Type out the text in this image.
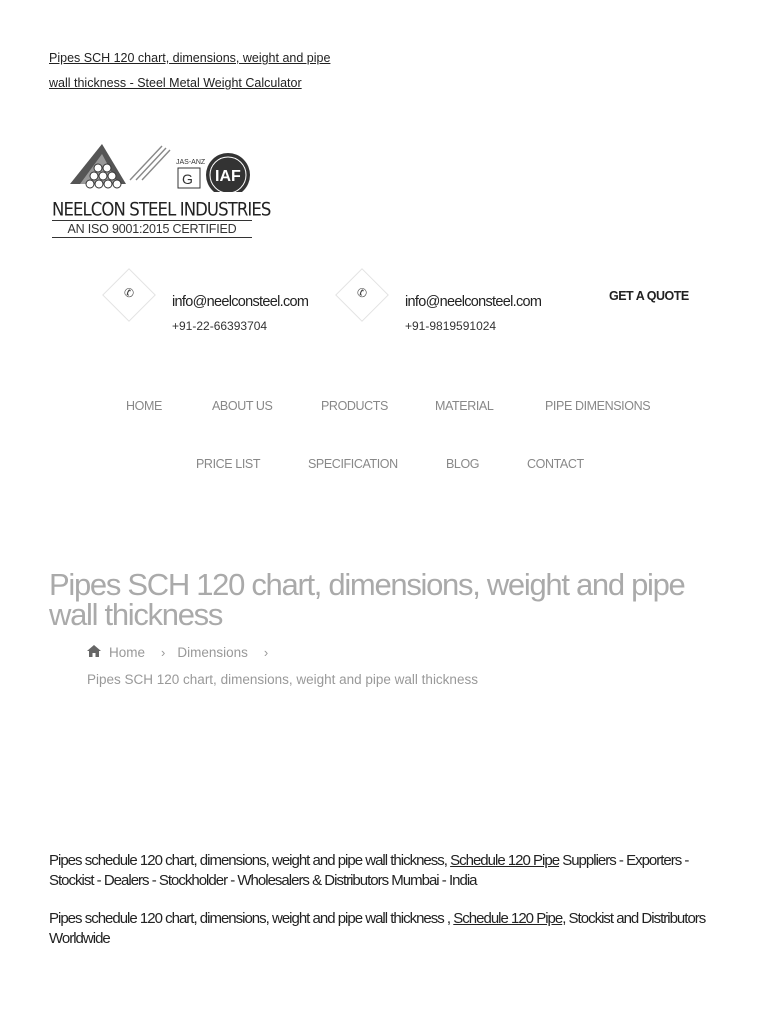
Pipes SCH 120 chart, dimensions, weight and pipe
wall thickness - Steel Metal Weight Calculator
JAS-ANZ
G IAF
NEELCON STEEL INDUSTRIES
AN ISO 9001:2015 CERTIFIED
✆
info@neelconsteel.com
+91-22-66393704
✆
info@neelconsteel.com
+91-9819591024
GET A QUOTE
HOME	ABOUT US	PRODUCTS	MATERIAL	PIPE DIMENSIONS
PRICE LIST	SPECIFICATION	BLOG	CONTACT
Pipes SCH 120 chart, dimensions, weight and pipe wall thickness
Home › Dimensions ›
Pipes SCH 120 chart, dimensions, weight and pipe wall thickness
Pipes schedule 120 chart, dimensions, weight and pipe wall thickness, Schedule 120 Pipe Suppliers - Exporters - Stockist - Dealers - Stockholder - Wholesalers & Distributors Mumbai - India
Pipes schedule 120 chart, dimensions, weight and pipe wall thickness , Schedule 120 Pipe, Stockist and Distributors Worldwide
